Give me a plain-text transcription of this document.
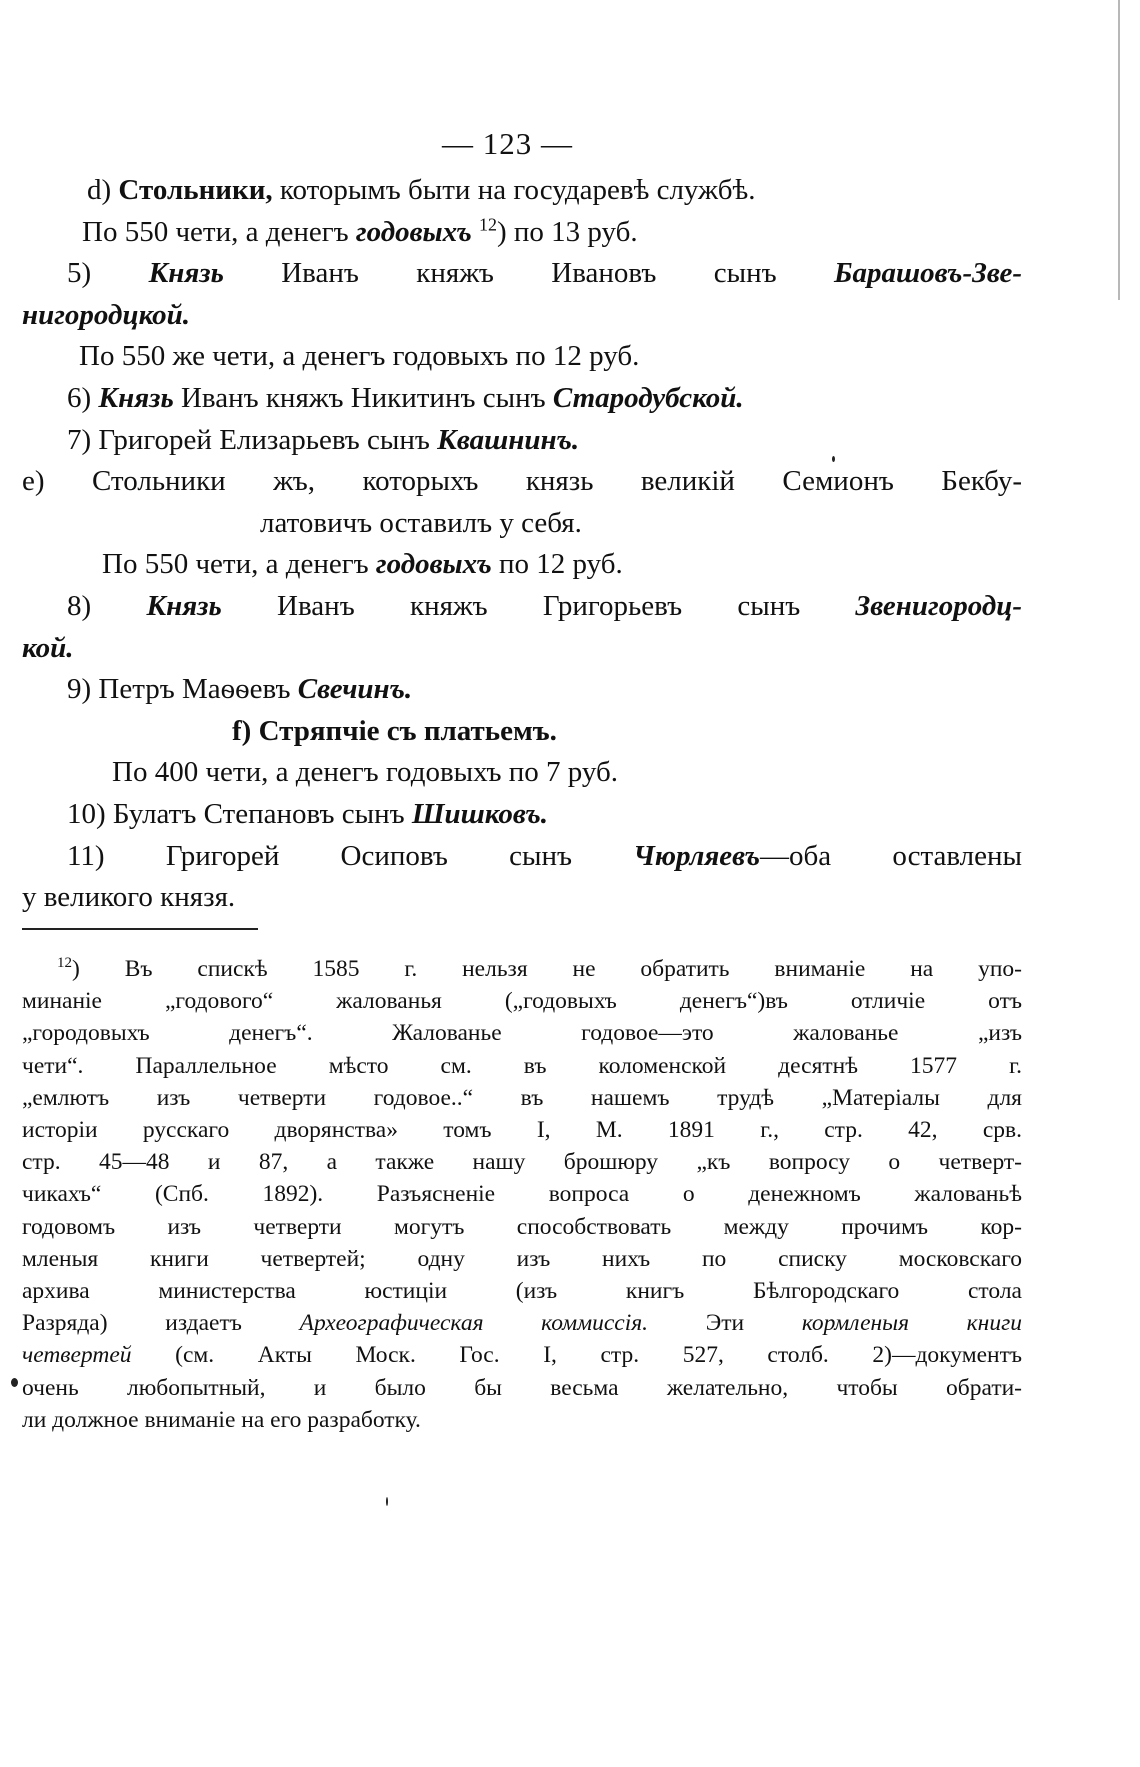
— 123 —

d) Стольники, которымъ быти на государевѣ службѣ.

По 550 чети, а денегъ годовыхъ $^{12}$) по 13 руб.

5) Князь Иванъ княжъ Ивановъ сынъ Барашовъ-Зве-

нигородцкой.

По 550 же чети, а денегъ годовыхъ по 12 руб.

6) Князь Иванъ княжъ Никитинъ сынъ Стародубской.

7) Григорей Елизарьевъ сынъ Квашнинъ.

е) Стольники жъ, которыхъ князь великій Семионъ Бекбу-

латовичъ оставилъ у себя.

По 550 чети, а денегъ годовыхъ по 12 руб.

8) Князь Иванъ княжъ Григорьевъ сынъ Звенигородц-

кой.

9) Петръ Маѳѳевъ Свечинъ.

f) Стряпчіе съ платьемъ.

По 400 чети, а денегъ годовыхъ по 7 руб.

10) Булатъ Степановъ сынъ Шишковъ.

11) Григорей Осиповъ сынъ Чюрляевъ—оба оставлены

у великого князя.

$^{12}$) Въ спискѣ 1585 г. нельзя не обратить вниманіе на упо-

минаніе „годового“ жалованья („годовыхъ денегъ“)въ отличіе отъ

„городовыхъ денегъ“. Жалованье годовое—это жалованье „изъ

чети“. Параллельное мѣсто см. въ коломенской десятнѣ 1577 г.

„емлютъ изъ четверти годовое..“ въ нашемъ трудѣ „Матеріалы для

исторіи русскаго дворянства» томъ I, М. 1891 г., стр. 42, срв.

стр. 45—48 и 87, а также нашу брошюру „къ вопросу о четверт-

чикахъ“ (Спб. 1892). Разъясненіе вопроса о денежномъ жалованьѣ

годовомъ изъ четверти могутъ способствовать между прочимъ кор-

мленыя книги четвертей; одну изъ нихъ по списку московскаго

архива министерства юстиціи (изъ книгъ Бѣлгородскаго стола

Разряда) издаетъ Археографическая коммиссія. Эти кормленыя книги

четвертей (см. Акты Моск. Гос. I, стр. 527, столб. 2)—документъ

очень любопытный, и было бы весьма желательно, чтобы обрати-

ли должное вниманіе на его разработку.
